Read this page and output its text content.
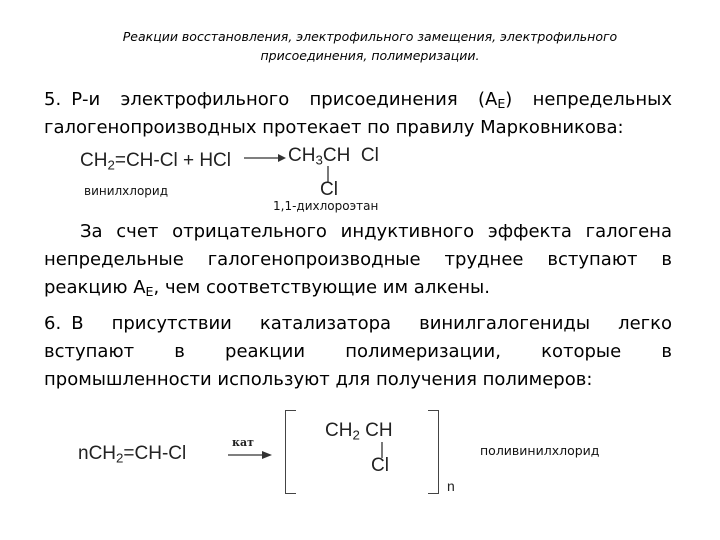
Реакции восстановления, электрофильного замещения, электрофильного
присоединения, полимеризации.
5. Р-и электрофильного присоединения $(А_E)$ непредельных
галогенопроизводных протекает по правилу Марковникова:
$CH_2=CH-Cl$ + HCl → $CH_3CH$  Cl
Cl
винилхлорид
1,1-дихлороэтан
За счет отрицательного индуктивного эффекта галогена
непредельные галогенопроизводные труднее вступают в
реакцию $А_E$, чем соответствующие им алкены.
6. В присутствии катализатора винилгалогениды легко
вступают в реакции полимеризации, которые в
промышленности используют для получения полимеров:
nCH$_2$=CH-Cl
кат
$CH_2$ CH
Cl
n
поливинилхлорид
